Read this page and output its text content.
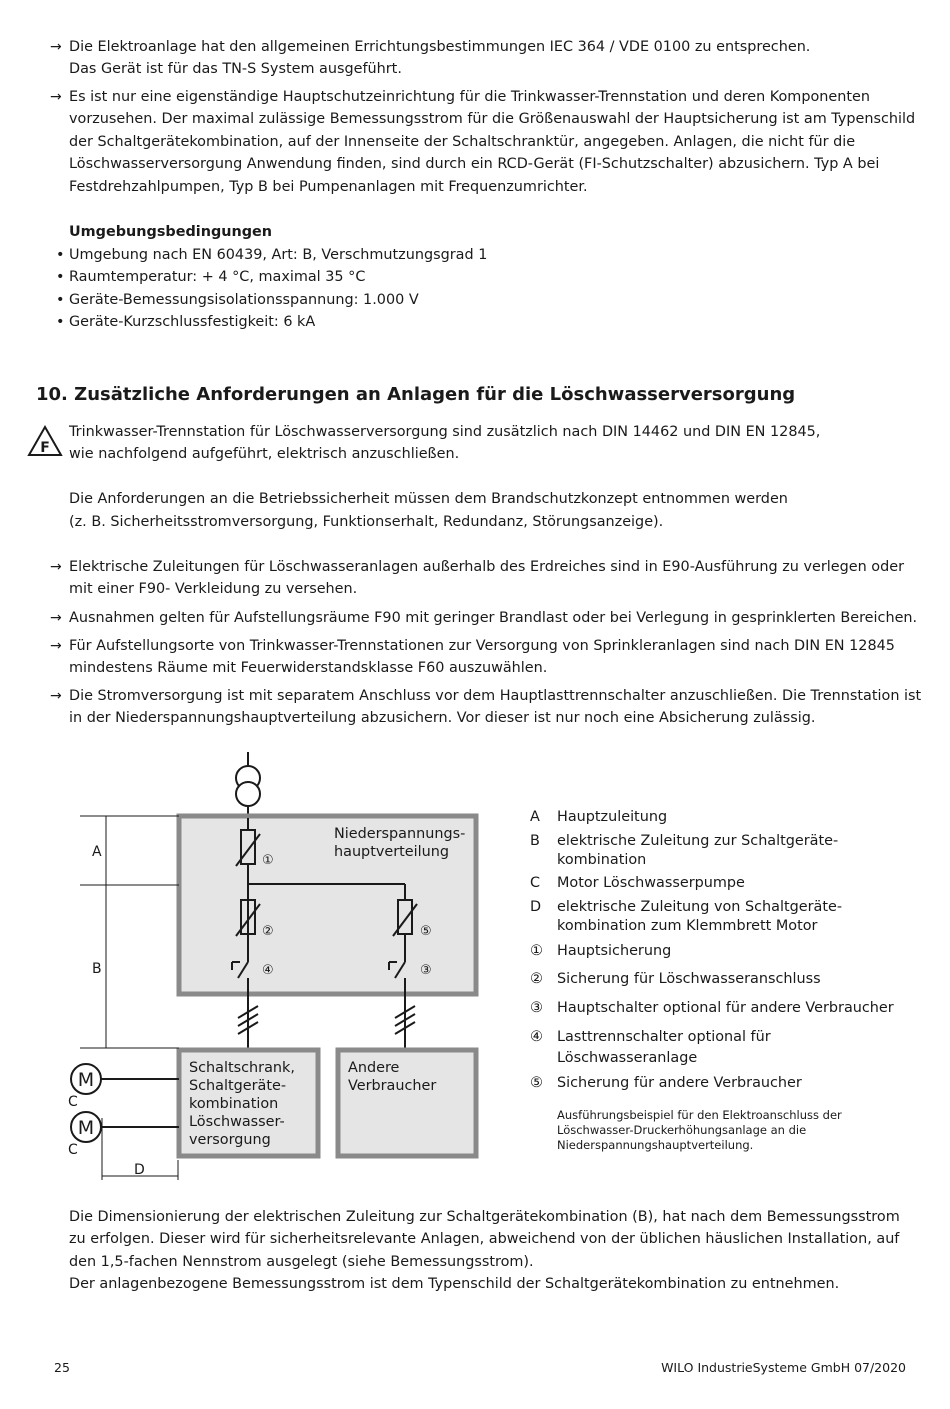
→ Die Elektroanlage hat den allgemeinen Errichtungsbestimmungen IEC 364 / VDE 0100 zu entsprechen.
Das Gerät ist für das TN-S System ausgeführt.
→ Es ist nur eine eigenständige Hauptschutzeinrichtung für die Trinkwasser-Trennstation und deren Komponenten
vorzusehen. Der maximal zulässige Bemessungsstrom für die Größenauswahl der Hauptsicherung ist am Typenschild
der Schaltgerätekombination, auf der Innenseite der Schaltschranktür, angegeben. Anlagen, die nicht für die
Löschwasserversorgung Anwendung finden, sind durch ein RCD-Gerät (FI-Schutzschalter) abzusichern. Typ A bei
Festdrehzahlpumpen, Typ B bei Pumpenanlagen mit Frequenzumrichter.
Umgebungsbedingungen
• Umgebung nach EN 60439, Art: B, Verschmutzungsgrad 1
• Raumtemperatur: + 4 °C, maximal 35 °C
• Geräte-Bemessungsisolationsspannung: 1.000 V
• Geräte-Kurzschlussfestigkeit: 6 kA
10. Zusätzliche Anforderungen an Anlagen für die Löschwasserversorgung
F
Trinkwasser-Trennstation für Löschwasserversorgung sind zusätzlich nach DIN 14462 und DIN EN 12845,
wie nachfolgend aufgeführt, elektrisch anzuschließen.
Die Anforderungen an die Betriebssicherheit müssen dem Brandschutzkonzept entnommen werden
(z. B. Sicherheitsstromversorgung, Funktionserhalt, Redundanz, Störungsanzeige).
→ Elektrische Zuleitungen für Löschwasseranlagen außerhalb des Erdreiches sind in E90-Ausführung zu verlegen oder
mit einer F90- Verkleidung zu versehen.
→ Ausnahmen gelten für Aufstellungsräume F90 mit geringer Brandlast oder bei Verlegung in gesprinklerten Bereichen.
→ Für Aufstellungsorte von Trinkwasser-Trennstationen zur Versorgung von Sprinkleranlagen sind nach DIN EN 12845
mindestens Räume mit Feuerwiderstandsklasse F60 auszuwählen.
→ Die Stromversorgung ist mit separatem Anschluss vor dem Hauptlasttrennschalter anzuschließen. Die Trennstation ist
in der Niederspannungshauptverteilung abzusichern. Vor dieser ist nur noch eine Absicherung zulässig.
Niederspannungs-
hauptverteilung
①
②	⑤
④	③
Schaltschrank,
Schaltgeräte-
kombination
Löschwasser-
versorgung
Andere
Verbraucher
A
B
D
M
M
C
C
A Hauptzuleitung
B elektrische Zuleitung zur Schaltgeräte-
kombination
C Motor Löschwasserpumpe
D elektrische Zuleitung von Schaltgeräte-
kombination zum Klemmbrett Motor
① Hauptsicherung
② Sicherung für Löschwasseranschluss
③ Hauptschalter optional für andere Verbraucher
④ Lasttrennschalter optional für
Löschwasseranlage
⑤ Sicherung für andere Verbraucher
Ausführungsbeispiel für den Elektroanschluss der
Löschwasser-Druckerhöhungsanlage an die
Niederspannungshauptverteilung.
Die Dimensionierung der elektrischen Zuleitung zur Schaltgerätekombination (B), hat nach dem Bemessungsstrom
zu erfolgen. Dieser wird für sicherheitsrelevante Anlagen, abweichend von der üblichen häuslichen Installation, auf
den 1,5-fachen Nennstrom ausgelegt (siehe Bemessungsstrom).
Der anlagenbezogene Bemessungsstrom ist dem Typenschild der Schaltgerätekombination zu entnehmen.
25	WILO IndustrieSysteme GmbH 07/2020
